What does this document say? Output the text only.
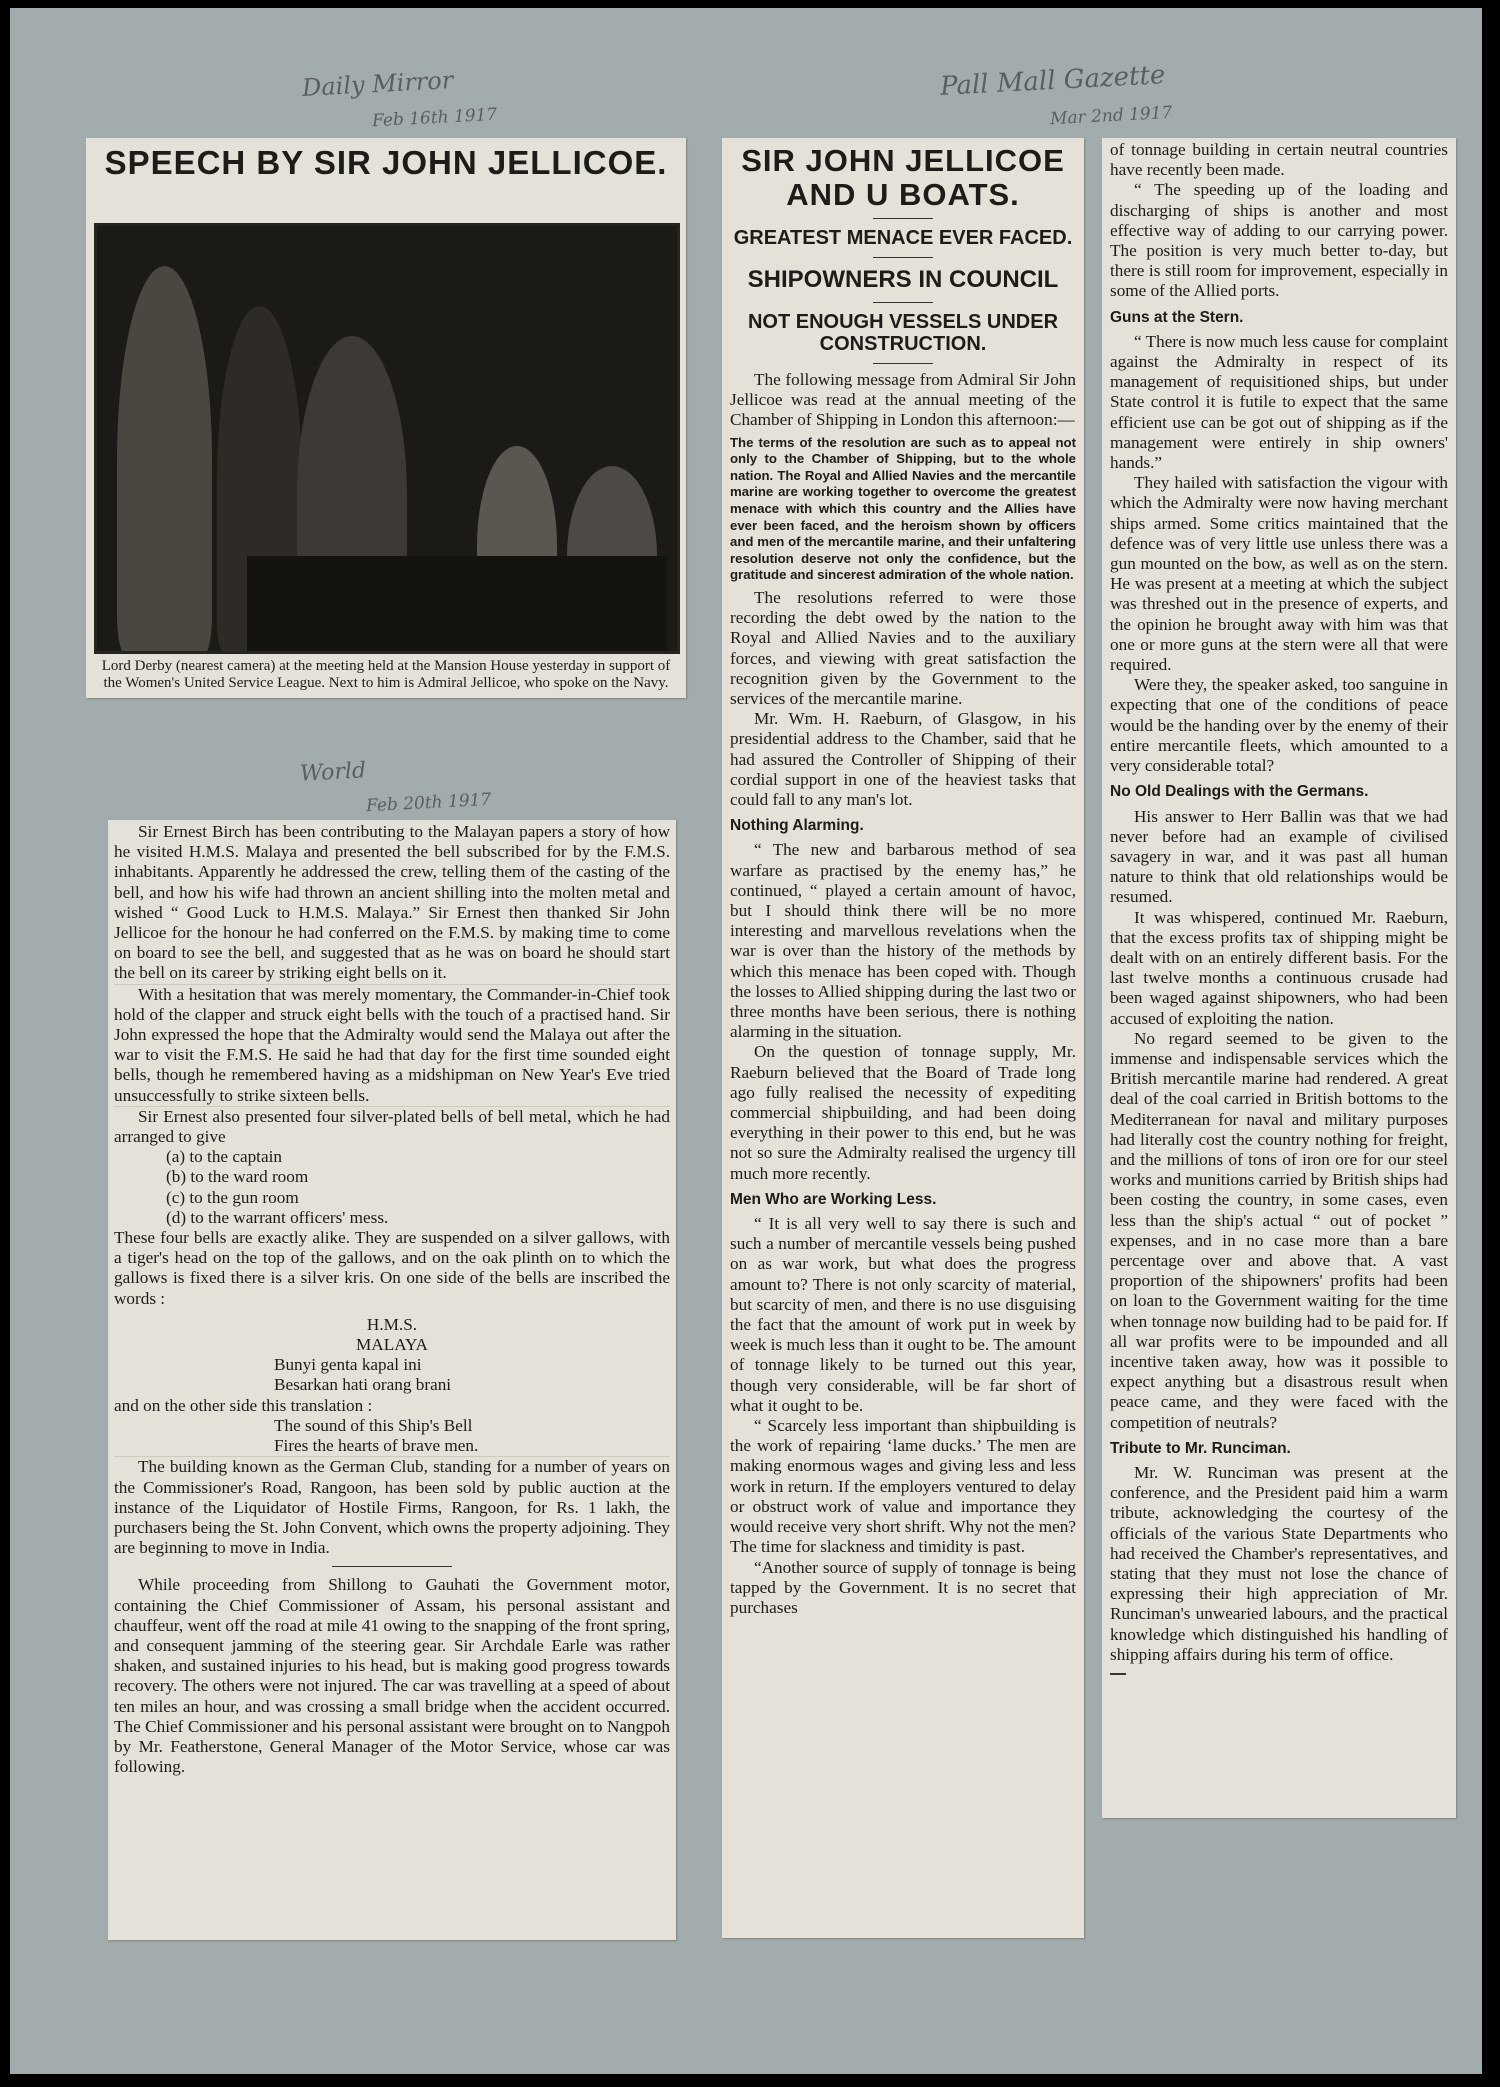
Daily Mirror
Feb 16th 1917
Pall Mall Gazette
Mar 2nd 1917
World
Feb 20th 1917
SPEECH BY SIR JOHN JELLICOE.
Lord Derby (nearest camera) at the meeting held at the Mansion House yesterday in support of the Women's United Service League. Next to him is Admiral Jellicoe, who spoke on the Navy.

Sir Ernest Birch has been contributing to the Malayan papers a story of how he visited H.M.S. Malaya and presented the bell subscribed for by the F.M.S. inhabitants. Apparently he addressed the crew, telling them of the casting of the bell, and how his wife had thrown an ancient shilling into the molten metal and wished “ Good Luck to H.M.S. Malaya.” Sir Ernest then thanked Sir John Jellicoe for the honour he had conferred on the F.M.S. by making time to come on board to see the bell, and suggested that as he was on board he should start the bell on its career by striking eight bells on it.

With a hesitation that was merely momentary, the Commander-in-Chief took hold of the clapper and struck eight bells with the touch of a practised hand. Sir John expressed the hope that the Admiralty would send the Malaya out after the war to visit the F.M.S. He said he had that day for the first time sounded eight bells, though he remembered having as a midshipman on New Year's Eve tried unsuccessfully to strike sixteen bells.

Sir Ernest also presented four silver-plated bells of bell metal, which he had arranged to give

(a) to the captain
(b) to the ward room
(c) to the gun room
(d) to the warrant officers' mess.

These four bells are exactly alike. They are suspended on a silver gallows, with a tiger's head on the top of the gallows, and on the oak plinth on to which the gallows is fixed there is a silver kris. On one side of the bells are inscribed the words :

H.M.S.
MALAYA
Bunyi genta kapal ini
Besarkan hati orang brani
and on the other side this translation :
The sound of this Ship's Bell
Fires the hearts of brave men.

The building known as the German Club, standing for a number of years on the Commissioner's Road, Rangoon, has been sold by public auction at the instance of the Liquidator of Hostile Firms, Rangoon, for Rs. 1 lakh, the purchasers being the St. John Convent, which owns the property adjoining. They are beginning to move in India.

While proceeding from Shillong to Gauhati the Government motor, containing the Chief Commissioner of Assam, his personal assistant and chauffeur, went off the road at mile 41 owing to the snapping of the front spring, and consequent jamming of the steering gear. Sir Archdale Earle was rather shaken, and sustained injuries to his head, but is making good progress towards recovery. The others were not injured. The car was travelling at a speed of about ten miles an hour, and was crossing a small bridge when the accident occurred. The Chief Commissioner and his personal assistant were brought on to Nangpoh by Mr. Featherstone, General Manager of the Motor Service, whose car was following.

SIR JOHN JELLICOE AND U BOATS.
GREATEST MENACE EVER FACED.
SHIPOWNERS IN COUNCIL
NOT ENOUGH VESSELS UNDER CONSTRUCTION.

The following message from Admiral Sir John Jellicoe was read at the annual meeting of the Chamber of Shipping in London this afternoon:—

The terms of the resolution are such as to appeal not only to the Chamber of Shipping, but to the whole nation. The Royal and Allied Navies and the mercantile marine are working together to overcome the greatest menace with which this country and the Allies have ever been faced, and the heroism shown by officers and men of the mercantile marine, and their unfaltering resolution deserve not only the confidence, but the gratitude and sincerest admiration of the whole nation.

The resolutions referred to were those recording the debt owed by the nation to the Royal and Allied Navies and to the auxiliary forces, and viewing with great satisfaction the recognition given by the Government to the services of the mercantile marine.

Mr. Wm. H. Raeburn, of Glasgow, in his presidential address to the Chamber, said that he had assured the Controller of Shipping of their cordial support in one of the heaviest tasks that could fall to any man's lot.

Nothing Alarming.

“ The new and barbarous method of sea warfare as practised by the enemy has,” he continued, “ played a certain amount of havoc, but I should think there will be no more interesting and marvellous revelations when the war is over than the history of the methods by which this menace has been coped with. Though the losses to Allied shipping during the last two or three months have been serious, there is nothing alarming in the situation.

On the question of tonnage supply, Mr. Raeburn believed that the Board of Trade long ago fully realised the necessity of expediting commercial shipbuilding, and had been doing everything in their power to this end, but he was not so sure the Admiralty realised the urgency till much more recently.

Men Who are Working Less.

“ It is all very well to say there is such and such a number of mercantile vessels being pushed on as war work, but what does the progress amount to? There is not only scarcity of material, but scarcity of men, and there is no use disguising the fact that the amount of work put in week by week is much less than it ought to be. The amount of tonnage likely to be turned out this year, though very considerable, will be far short of what it ought to be.

“ Scarcely less important than shipbuilding is the work of repairing ‘lame ducks.’ The men are making enormous wages and giving less and less work in return. If the employers ventured to delay or obstruct work of value and importance they would receive very short shrift. Why not the men? The time for slackness and timidity is past.

“Another source of supply of tonnage is being tapped by the Government. It is no secret that purchases

of tonnage building in certain neutral countries have recently been made.

“ The speeding up of the loading and discharging of ships is another and most effective way of adding to our carrying power. The position is very much better to-day, but there is still room for improvement, especially in some of the Allied ports.

Guns at the Stern.

“ There is now much less cause for complaint against the Admiralty in respect of its management of requisitioned ships, but under State control it is futile to expect that the same efficient use can be got out of shipping as if the management were entirely in ship owners' hands.”

They hailed with satisfaction the vigour with which the Admiralty were now having merchant ships armed. Some critics maintained that the defence was of very little use unless there was a gun mounted on the bow, as well as on the stern. He was present at a meeting at which the subject was threshed out in the presence of experts, and the opinion he brought away with him was that one or more guns at the stern were all that were required.

Were they, the speaker asked, too sanguine in expecting that one of the conditions of peace would be the handing over by the enemy of their entire mercantile fleets, which amounted to a very considerable total?

No Old Dealings with the Germans.

His answer to Herr Ballin was that we had never before had an example of civilised savagery in war, and it was past all human nature to think that old relationships would be resumed.

It was whispered, continued Mr. Raeburn, that the excess profits tax of shipping might be dealt with on an entirely different basis. For the last twelve months a continuous crusade had been waged against shipowners, who had been accused of exploiting the nation.

No regard seemed to be given to the immense and indispensable services which the British mercantile marine had rendered. A great deal of the coal carried in British bottoms to the Mediterranean for naval and military purposes had literally cost the country nothing for freight, and the millions of tons of iron ore for our steel works and munitions carried by British ships had been costing the country, in some cases, even less than the ship's actual “ out of pocket ” expenses, and in no case more than a bare percentage over and above that. A vast proportion of the shipowners' profits had been on loan to the Government waiting for the time when tonnage now building had to be paid for. If all war profits were to be impounded and all incentive taken away, how was it possible to expect anything but a disastrous result when peace came, and they were faced with the competition of neutrals?

Tribute to Mr. Runciman.

Mr. W. Runciman was present at the conference, and the President paid him a warm tribute, acknowledging the courtesy of the officials of the various State Departments who had received the Chamber's representatives, and stating that they must not lose the chance of expressing their high appreciation of Mr. Runciman's unwearied labours, and the practical knowledge which distinguished his handling of shipping affairs during his term of office.
